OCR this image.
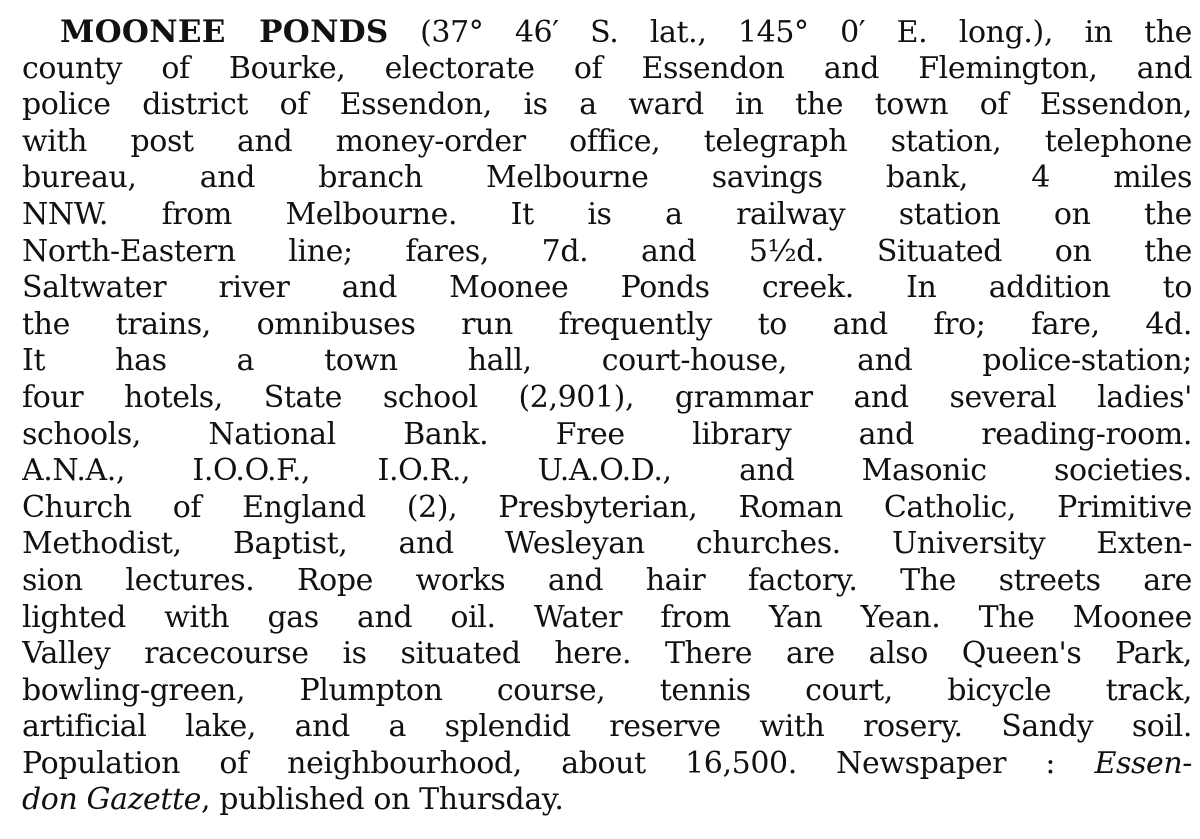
MOONEE PONDS (37° 46′ S. lat., 145° 0′ E. long.), in the
county of Bourke, electorate of Essendon and Flemington, and
police district of Essendon, is a ward in the town of Essendon,
with post and money-order office, telegraph station, telephone
bureau, and branch Melbourne savings bank, 4 miles
NNW. from Melbourne. It is a railway station on the
North-Eastern line; fares, 7d. and 5½d. Situated on the
Saltwater river and Moonee Ponds creek. In addition to
the trains, omnibuses run frequently to and fro; fare, 4d.
It has a town hall, court-house, and police-station;
four hotels, State school (2,901), grammar and several ladies'
schools, National Bank. Free library and reading-room.
A.N.A., I.O.O.F., I.O.R., U.A.O.D., and Masonic societies.
Church of England (2), Presbyterian, Roman Catholic, Primitive
Methodist, Baptist, and Wesleyan churches. University Exten-
sion lectures. Rope works and hair factory. The streets are
lighted with gas and oil. Water from Yan Yean. The Moonee
Valley racecourse is situated here. There are also Queen's Park,
bowling-green, Plumpton course, tennis court, bicycle track,
artificial lake, and a splendid reserve with rosery. Sandy soil.
Population of neighbourhood, about 16,500. Newspaper : Essen-
don Gazette, published on Thursday.
